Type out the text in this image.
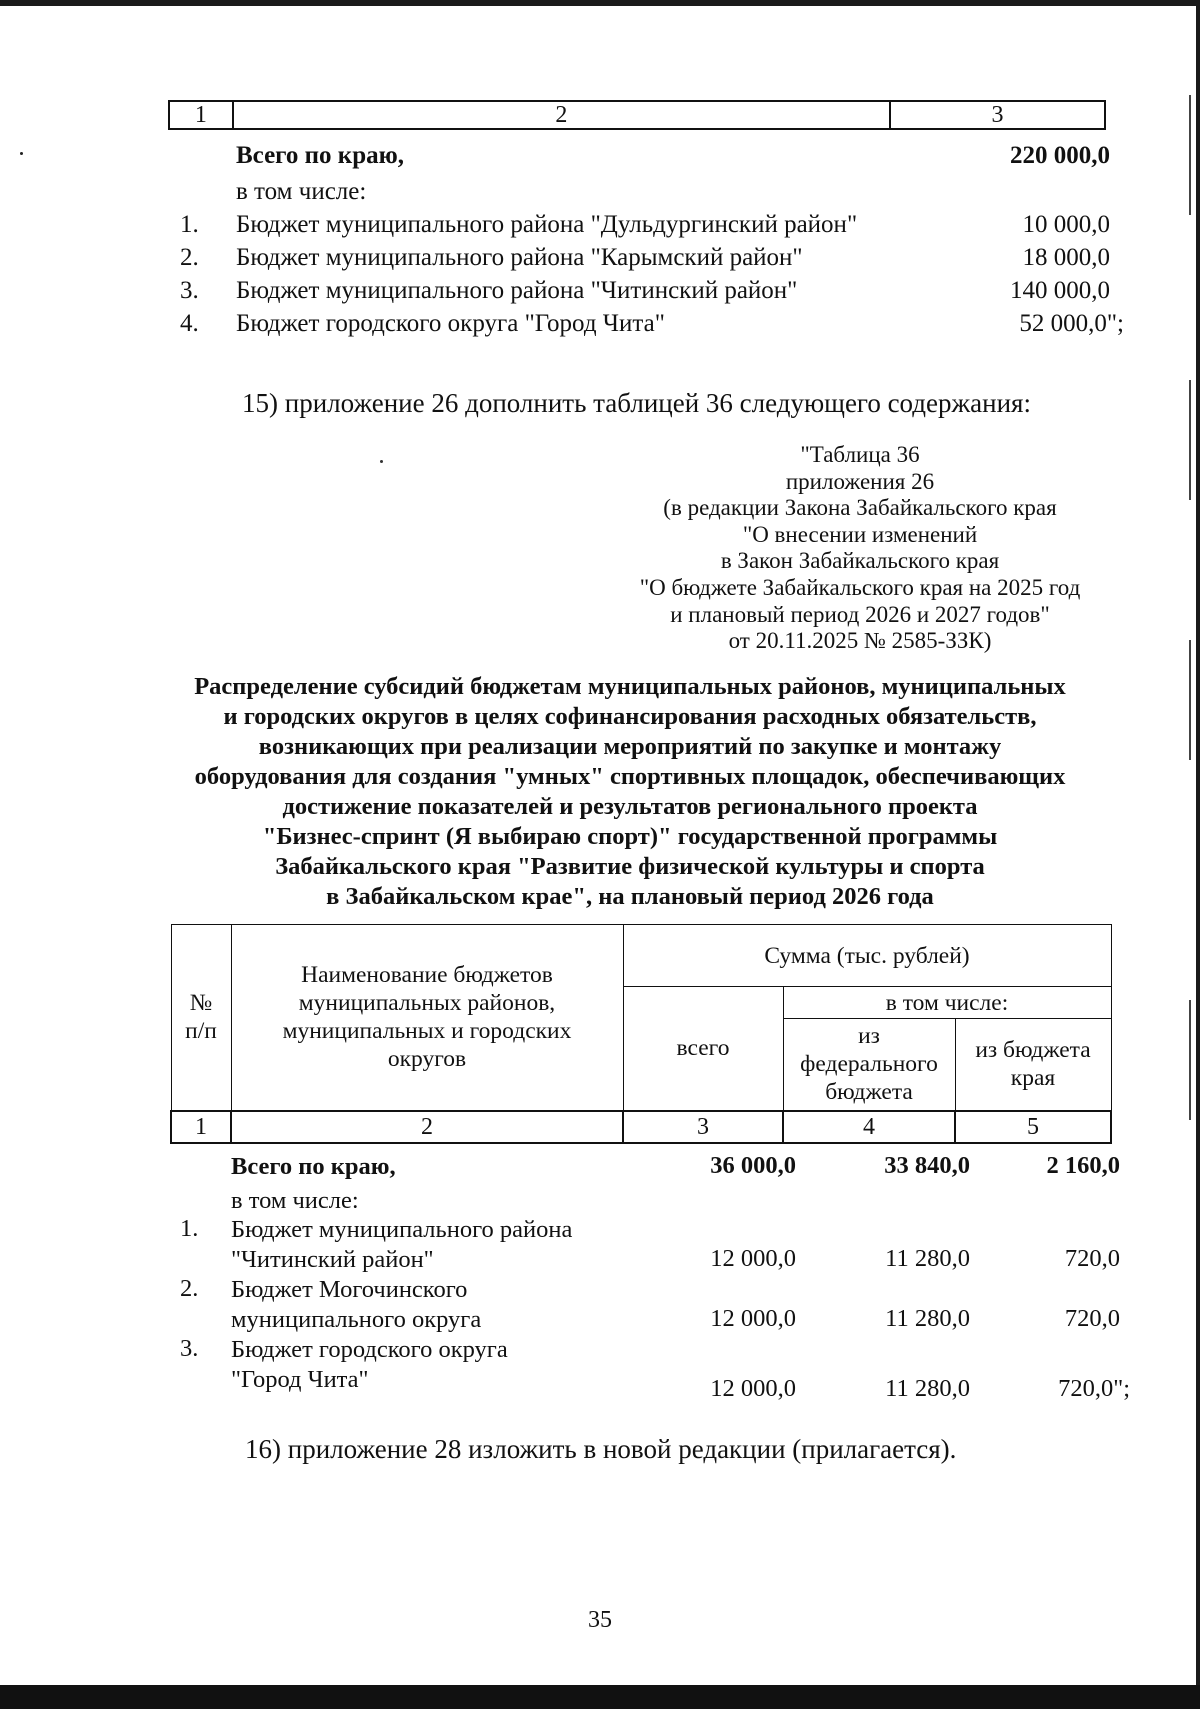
1	2	3
Всего по краю,	220 000,0
в том числе:
1.	Бюджет муниципального района "Дульдургинский район"	10 000,0
2.	Бюджет муниципального района "Карымский район"	18 000,0
3.	Бюджет муниципального района "Читинский район"	140 000,0
4.	Бюджет городского округа "Город Чита"	52 000,0";
15) приложение 26 дополнить таблицей 36 следующего содержания:
"Таблица 36
приложения 26
(в редакции Закона Забайкальского края
"О внесении изменений
в Закон Забайкальского края
"О бюджете Забайкальского края на 2025 год
и плановый период 2026 и 2027 годов"
от 20.11.2025 № 2585-ЗЗК)
Распределение субсидий бюджетам муниципальных районов, муниципальных
и городских округов в целях софинансирования расходных обязательств,
возникающих при реализации мероприятий по закупке и монтажу
оборудования для создания "умных" спортивных площадок, обеспечивающих
достижение показателей и результатов регионального проекта
"Бизнес-спринт (Я выбираю спорт)" государственной программы
Забайкальского края "Развитие физической культуры и спорта
в Забайкальском крае", на плановый период 2026 года
№ п/п	Наименование бюджетов муниципальных районов, муниципальных и городских округов	Сумма (тыс. рублей)		
		всего	в том числе:	
			из федерального бюджета	из бюджета края
1	2	3	4	5
Всего по краю,	36 000,0	33 840,0	2 160,0
в том числе:
1.	Бюджет муниципального района
"Читинский район"	12 000,0	11 280,0	720,0
2.	Бюджет Могочинского
муниципального округа	12 000,0	11 280,0	720,0
3.	Бюджет городского округа
"Город Чита"	12 000,0	11 280,0	720,0";
16) приложение 28 изложить в новой редакции (прилагается).
35
